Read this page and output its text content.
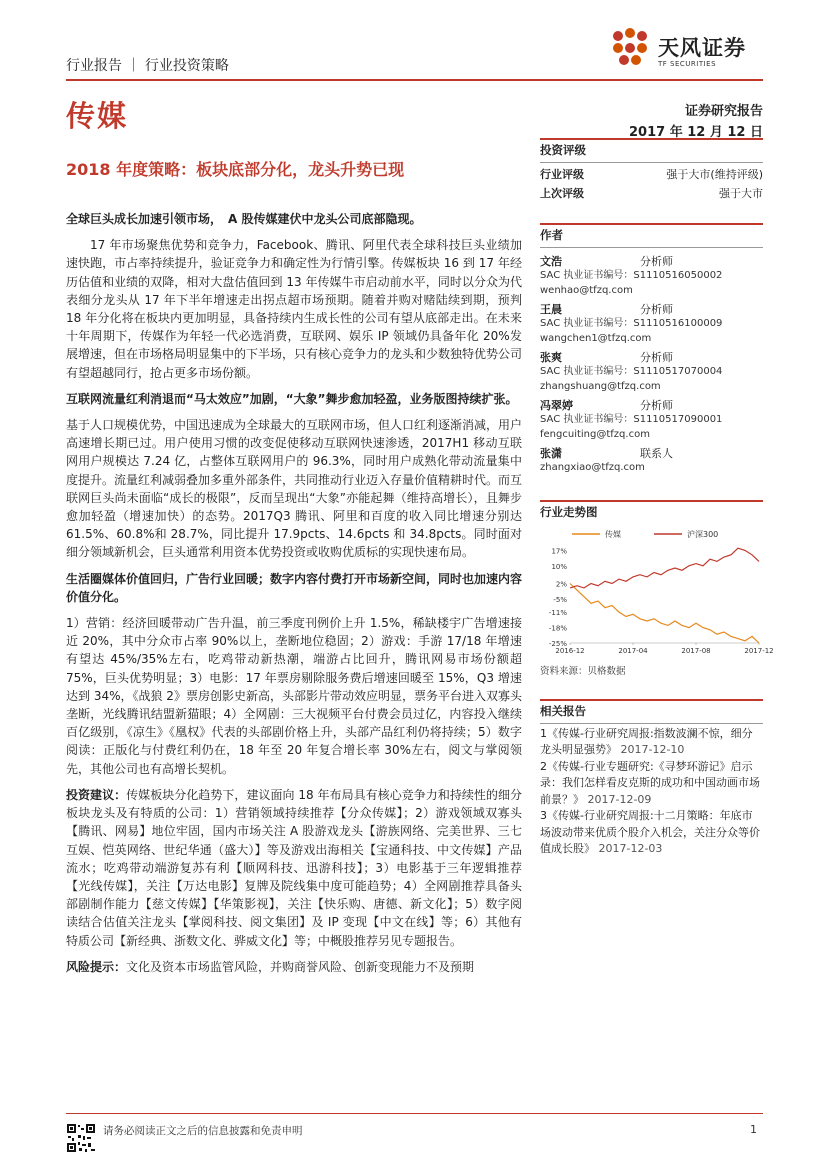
天风证券
TF SECURITIES
行业报告 ｜ 行业投资策略
传媒	证券研究报告
2017 年 12 月 12 日
2018 年度策略：板块底部分化，龙头升势已现
全球巨头成长加速引领市场，　A 股传媒建伏中龙头公司底部隐现。
17 年市场聚焦优势和竞争力，Facebook、腾讯、阿里代表全球科技巨头业绩加速快跑，市占率持续提升，验证竞争力和确定性为行情引擎。传媒板块 16 到 17 年经历估值和业绩的双降，相对大盘估值回到 13 年传媒牛市启动前水平，同时以分众为代表细分龙头从 17 年下半年增速走出拐点超市场预期。随着并购对赌陆续到期，预判 18 年分化将在板块内更加明显，具备持续内生成长性的公司有望从底部走出。在未来十年周期下，传媒作为年轻一代必选消费，互联网、娱乐 IP 领域仍具备年化 20%发展增速，但在市场格局明显集中的下半场，只有核心竞争力的龙头和少数独特优势公司有望超越同行，抢占更多市场份额。
互联网流量红利消退而“马太效应”加剧，“大象”舞步愈加轻盈，业务版图持续扩张。
基于人口规模优势，中国迅速成为全球最大的互联网市场，但人口红利逐渐消减，用户高速增长期已过。用户使用习惯的改变促使移动互联网快速渗透，2017H1 移动互联网用户规模达 7.24 亿，占整体互联网用户的 96.3%，同时用户成熟化带动流量集中度提升。流量红利减弱叠加多重外部条件，共同推动行业迈入存量价值精耕时代。而互联网巨头尚未面临“成长的极限”，反而呈现出“大象”亦能起舞（维持高增长），且舞步愈加轻盈（增速加快）的态势。2017Q3 腾讯、阿里和百度的收入同比增速分别达 61.5%、60.8%和 28.7%，同比提升 17.9pcts、14.6pcts 和 34.8pcts。同时面对细分领域新机会，巨头通常利用资本优势投资或收购优质标的实现快速布局。
生活圈媒体价值回归，广告行业回暖；数字内容付费打开市场新空间，同时也加速内容价值分化。
1）营销：经济回暖带动广告升温，前三季度刊例价上升 1.5%，稀缺楼宇广告增速接近 20%，其中分众市占率 90%以上，垄断地位稳固；2）游戏：手游 17/18 年增速有望达 45%/35%左右，吃鸡带动新热潮，端游占比回升，腾讯网易市场份额超 75%，巨头优势明显；3）电影：17 年票房剔除服务费后增速回暖至 15%，Q3 增速达到 34%，《战狼 2》票房创影史新高，头部影片带动效应明显，票务平台进入双寡头垄断，光线腾讯结盟新猫眼；4）全网剧：三大视频平台付费会员过亿，内容投入继续百亿级别，《凉生》《凰权》代表的头部剧价格上升，头部产品红利仍将持续；5）数字阅读：正版化与付费红利仍在，18 年至 20 年复合增长率 30%左右，阅文与掌阅领先，其他公司也有高增长契机。
投资建议：传媒板块分化趋势下，建议面向 18 年布局具有核心竞争力和持续性的细分板块龙头及有特质的公司：1）营销领域持续推荐【分众传媒】；2）游戏领域双寡头【腾讯、网易】地位牢固，国内市场关注 A 股游戏龙头【游族网络、完美世界、三七互娱、恺英网络、世纪华通（盛大）】等及游戏出海相关【宝通科技、中文传媒】产品流水；吃鸡带动端游复苏有利【顺网科技、迅游科技】；3）电影基于三年逻辑推荐【光线传媒】，关注【万达电影】复牌及院线集中度可能趋势；4）全网剧推荐具备头部剧制作能力【慈文传媒】【华策影视】，关注【快乐购、唐德、新文化】；5）数字阅读结合估值关注龙头【掌阅科技、阅文集团】及 IP 变现【中文在线】等；6）其他有特质公司【新经典、浙数文化、骅威文化】等；中概股推荐另见专题报告。
风险提示：文化及资本市场监管风险，并购商誉风险、创新变现能力不及预期
投资评级
行业评级	强于大市(维持评级)
上次评级	强于大市
作者
文浩	分析师
SAC 执业证书编号：S1110516050002
wenhao@tfzq.com
王晨	分析师
SAC 执业证书编号：S1110516100009
wangchen1@tfzq.com
张爽	分析师
SAC 执业证书编号：S1110517070004
zhangshuang@tfzq.com
冯翠婷	分析师
SAC 执业证书编号：S1110517090001
fengcuiting@tfzq.com
张潇	联系人
zhangxiao@tfzq.com
行业走势图
传媒	沪深300
17%
10%
2%
-5%
-11%
-18%
-25%
2016-12	2017-04	2017-08	2017-12
资料来源：贝格数据
相关报告
1《传媒-行业研究周报:指数波澜不惊，细分龙头明显强势》 2017-12-10
2《传媒-行业专题研究:《寻梦环游记》启示录：我们怎样看皮克斯的成功和中国动画市场前景？》 2017-12-09
3《传媒-行业研究周报:十二月策略：年底市场波动带来优质个股介入机会，关注分众等价值成长股》 2017-12-03
请务必阅读正文之后的信息披露和免责申明	1
